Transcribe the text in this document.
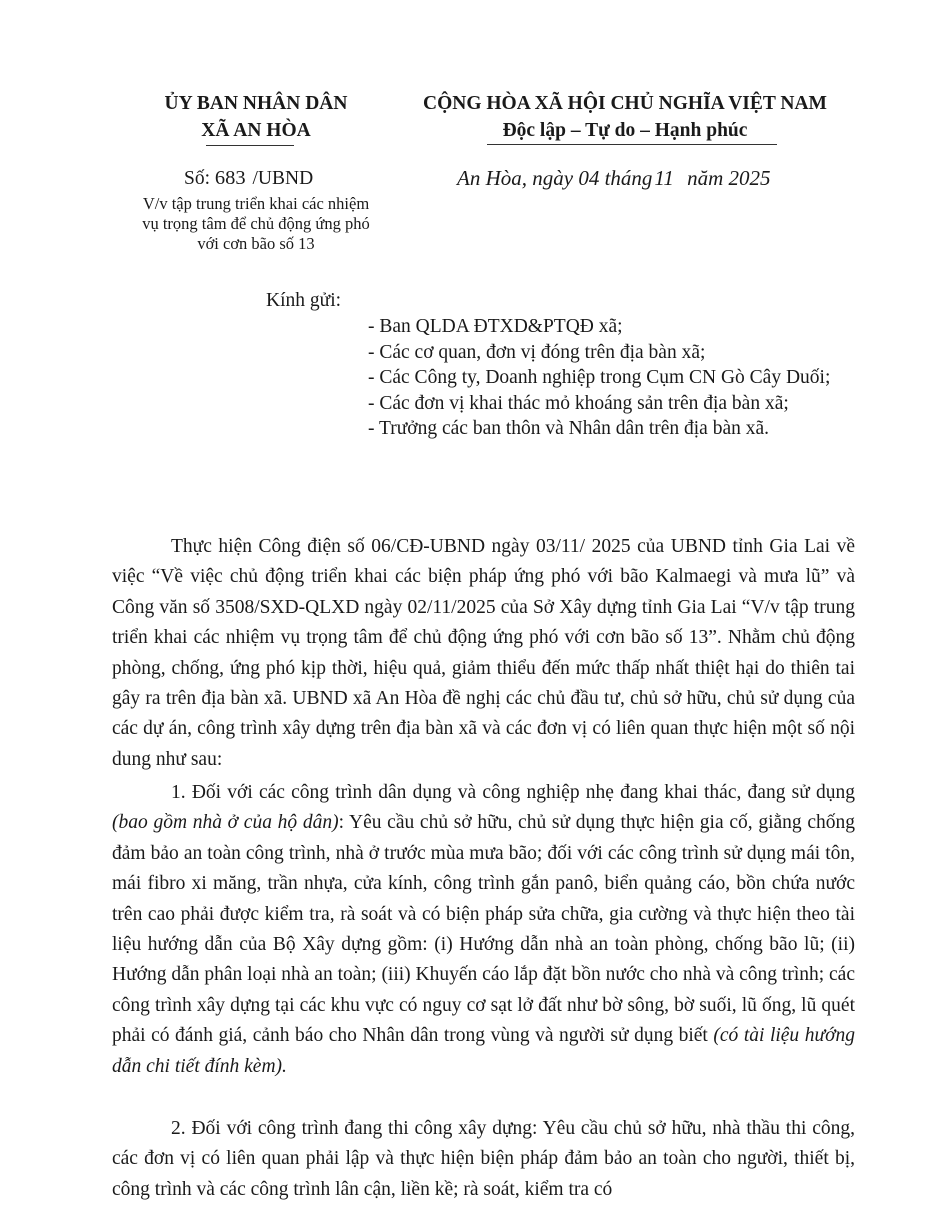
ỦY BAN NHÂN DÂN
XÃ AN HÒA
CỘNG HÒA XÃ HỘI CHỦ NGHĨA VIỆT NAM
Độc lập – Tự do – Hạnh phúc
Số: 683 /UBND
V/v tập trung triển khai các nhiệm
vụ trọng tâm để chủ động ứng phó
với cơn bão số 13
An Hòa, ngày 04 tháng11 năm 2025
Kính gửi:
- Ban QLDA ĐTXD&PTQĐ xã;
- Các cơ quan, đơn vị đóng trên địa bàn xã;
- Các Công ty, Doanh nghiệp trong Cụm CN Gò Cây Duối;
- Các đơn vị khai thác mỏ khoáng sản trên địa bàn xã;
- Trưởng các ban thôn và Nhân dân trên địa bàn xã.
Thực hiện Công điện số 06/CĐ-UBND ngày 03/11/ 2025 của UBND tỉnh Gia Lai về việc “Về việc chủ động triển khai các biện pháp ứng phó với bão Kalmaegi và mưa lũ” và Công văn số 3508/SXD-QLXD ngày 02/11/2025 của Sở Xây dựng tỉnh Gia Lai “V/v tập trung triển khai các nhiệm vụ trọng tâm để chủ động ứng phó với cơn bão số 13”. Nhằm chủ động phòng, chống, ứng phó kịp thời, hiệu quả, giảm thiểu đến mức thấp nhất thiệt hại do thiên tai gây ra trên địa bàn xã. UBND xã An Hòa đề nghị các chủ đầu tư, chủ sở hữu, chủ sử dụng của các dự án, công trình xây dựng trên địa bàn xã và các đơn vị có liên quan thực hiện một số nội dung như sau:
1. Đối với các công trình dân dụng và công nghiệp nhẹ đang khai thác, đang sử dụng (bao gồm nhà ở của hộ dân): Yêu cầu chủ sở hữu, chủ sử dụng thực hiện gia cố, giằng chống đảm bảo an toàn công trình, nhà ở trước mùa mưa bão; đối với các công trình sử dụng mái tôn, mái fibro xi măng, trần nhựa, cửa kính, công trình gắn panô, biển quảng cáo, bồn chứa nước trên cao phải được kiểm tra, rà soát và có biện pháp sửa chữa, gia cường và thực hiện theo tài liệu hướng dẫn của Bộ Xây dựng gồm: (i) Hướng dẫn nhà an toàn phòng, chống bão lũ; (ii) Hướng dẫn phân loại nhà an toàn; (iii) Khuyến cáo lắp đặt bồn nước cho nhà và công trình; các công trình xây dựng tại các khu vực có nguy cơ sạt lở đất như bờ sông, bờ suối, lũ ống, lũ quét phải có đánh giá, cảnh báo cho Nhân dân trong vùng và người sử dụng biết (có tài liệu hướng dẫn chi tiết đính kèm).
2. Đối với công trình đang thi công xây dựng: Yêu cầu chủ sở hữu, nhà thầu thi công, các đơn vị có liên quan phải lập và thực hiện biện pháp đảm bảo an toàn cho người, thiết bị, công trình và các công trình lân cận, liền kề; rà soát, kiểm tra có
